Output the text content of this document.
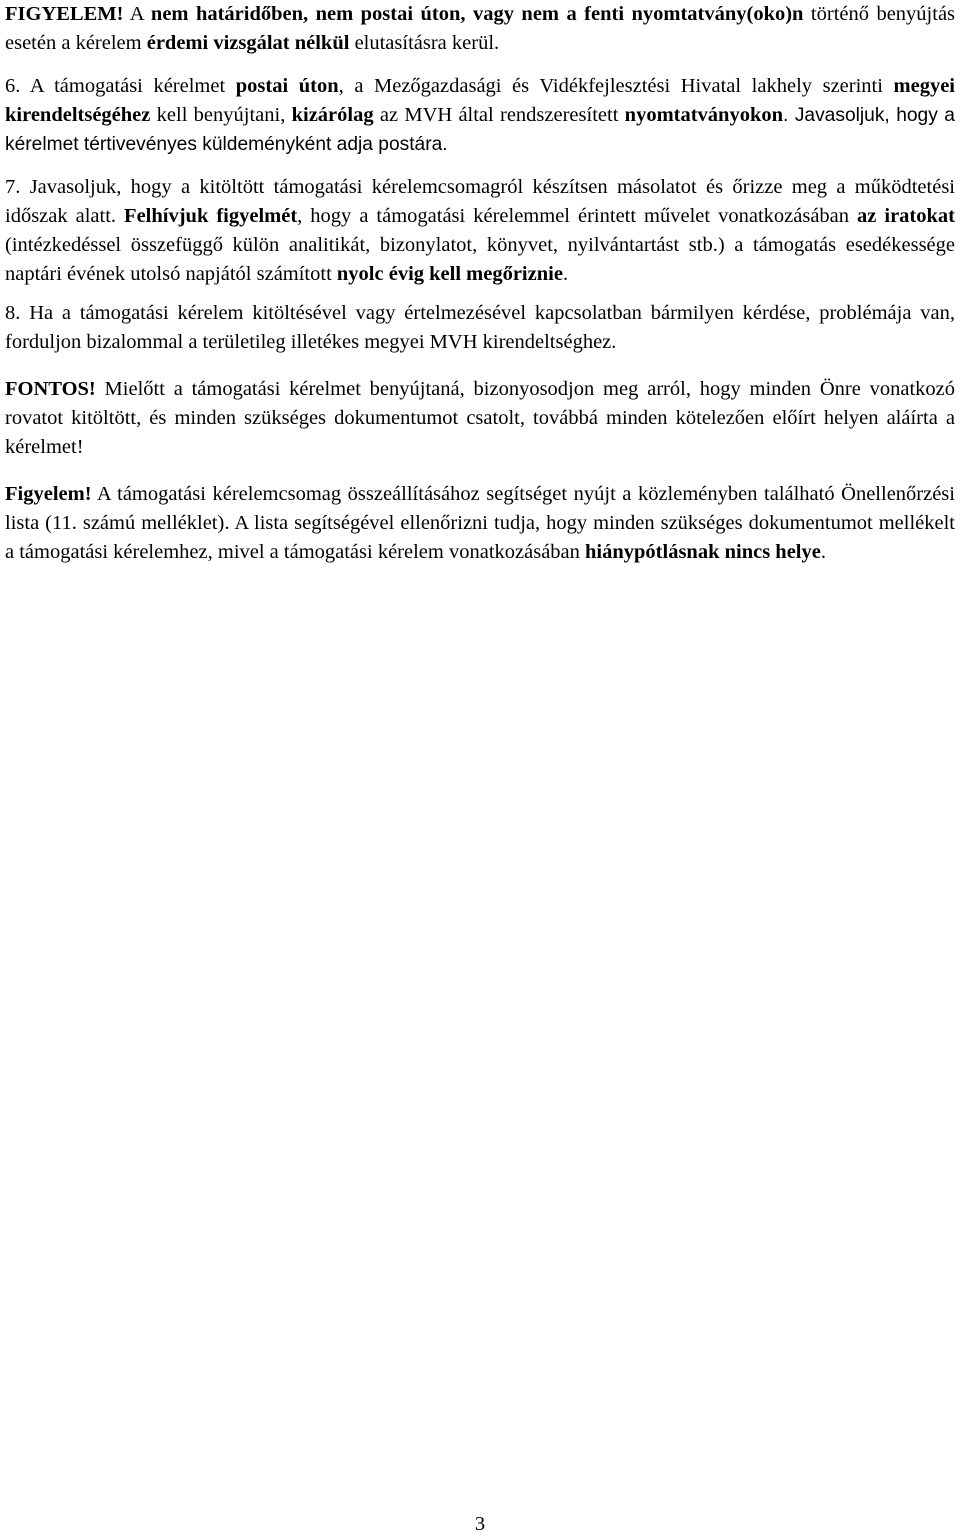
FIGYELEM! A nem határidőben, nem postai úton, vagy nem a fenti nyomtatvány(oko)n történő benyújtás esetén a kérelem érdemi vizsgálat nélkül elutasításra kerül.

6. A támogatási kérelmet postai úton, a Mezőgazdasági és Vidékfejlesztési Hivatal lakhely szerinti megyei kirendeltségéhez kell benyújtani, kizárólag az MVH által rendszeresített nyomtatványokon. Javasoljuk, hogy a kérelmet tértivevényes küldeményként adja postára.

7. Javasoljuk, hogy a kitöltött támogatási kérelemcsomagról készítsen másolatot és őrizze meg a működtetési időszak alatt. Felhívjuk figyelmét, hogy a támogatási kérelemmel érintett művelet vonatkozásában az iratokat (intézkedéssel összefüggő külön analitikát, bizonylatot, könyvet, nyilvántartást stb.) a támogatás esedékessége naptári évének utolsó napjától számított nyolc évig kell megőriznie.

8. Ha a támogatási kérelem kitöltésével vagy értelmezésével kapcsolatban bármilyen kérdése, problémája van, forduljon bizalommal a területileg illetékes megyei MVH kirendeltséghez.

FONTOS! Mielőtt a támogatási kérelmet benyújtaná, bizonyosodjon meg arról, hogy minden Önre vonatkozó rovatot kitöltött, és minden szükséges dokumentumot csatolt, továbbá minden kötelezően előírt helyen aláírta a kérelmet!

Figyelem! A támogatási kérelemcsomag összeállításához segítséget nyújt a közleményben található Önellenőrzési lista (11. számú melléklet). A lista segítségével ellenőrizni tudja, hogy minden szükséges dokumentumot mellékelt a támogatási kérelemhez, mivel a támogatási kérelem vonatkozásában hiánypótlásnak nincs helye.

3
